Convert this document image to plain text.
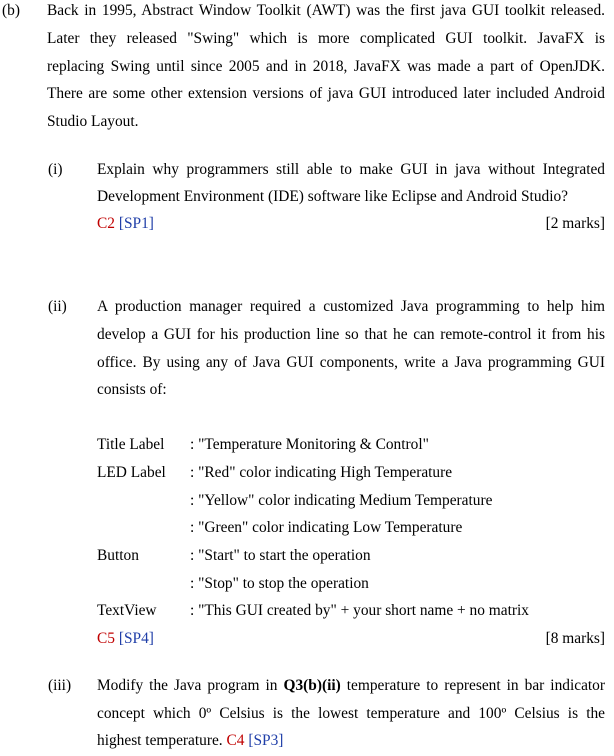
(b) Back in 1995, Abstract Window Toolkit (AWT) was the first java GUI toolkit released.
Later they released "Swing" which is more complicated GUI toolkit. JavaFX is
replacing Swing until since 2005 and in 2018, JavaFX was made a part of OpenJDK.
There are some other extension versions of java GUI introduced later included Android
Studio Layout.
(i) Explain why programmers still able to make GUI in java without Integrated
Development Environment (IDE) software like Eclipse and Android Studio?
C2 [SP1]	[2 marks]
(ii) A production manager required a customized Java programming to help him
develop a GUI for his production line so that he can remote-control it from his
office. By using any of Java GUI components, write a Java programming GUI
consists of:
Title Label : "Temperature Monitoring & Control"
LED Label : "Red" color indicating High Temperature
: "Yellow" color indicating Medium Temperature
: "Green" color indicating Low Temperature
Button	: "Start" to start the operation
: "Stop" to stop the operation
TextView : "This GUI created by" + your short name + no matrix
C5 [SP4]	[8 marks]
(iii) Modify the Java program in Q3(b)(ii) temperature to represent in bar indicator
concept which 0º Celsius is the lowest temperature and 100º Celsius is the
highest temperature. C4 [SP3]
